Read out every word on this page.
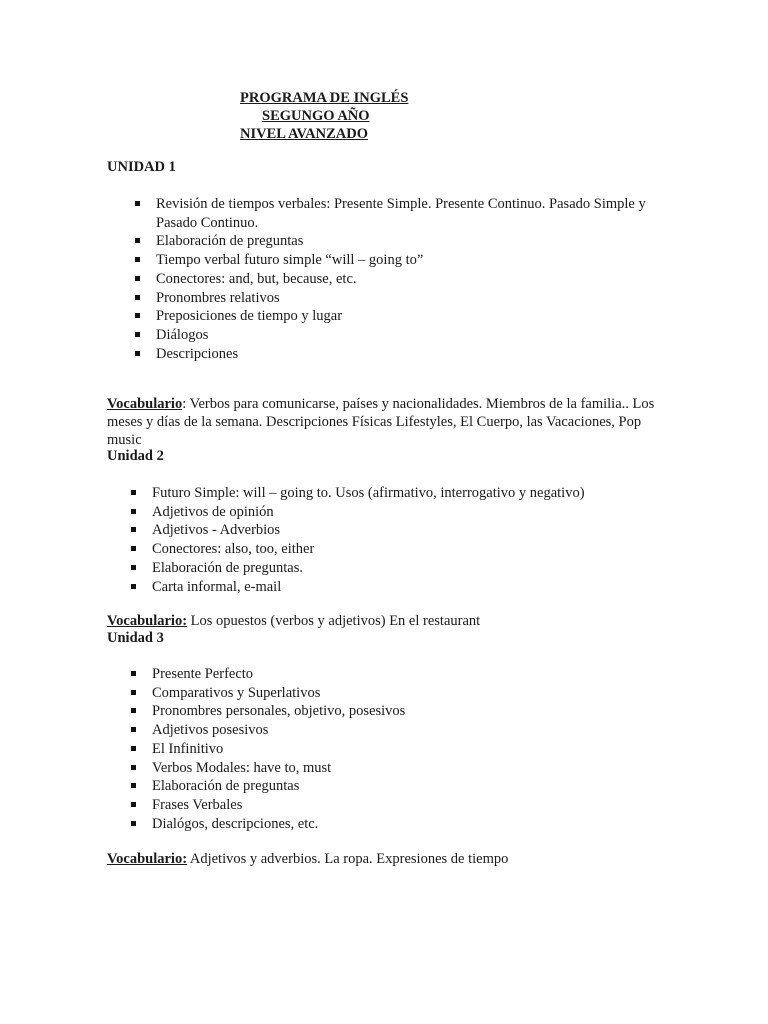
PROGRAMA DE INGLÉS
SEGUNGO AÑO
NIVEL AVANZADO
UNIDAD 1
Revisión de tiempos verbales: Presente Simple. Presente Continuo. Pasado Simple y Pasado Continuo.
Elaboración de preguntas
Tiempo verbal futuro simple “will – going to”
Conectores: and, but, because, etc.
Pronombres relativos
Preposiciones de tiempo y lugar
Diálogos
Descripciones
Vocabulario: Verbos para comunicarse, países y nacionalidades. Miembros de la familia.. Los meses y días de la semana. Descripciones Físicas Lifestyles, El Cuerpo, las Vacaciones, Pop music
Unidad 2
Futuro Simple: will – going to. Usos (afirmativo, interrogativo y negativo)
Adjetivos de opinión
Adjetivos - Adverbios
Conectores: also, too, either
Elaboración de preguntas.
Carta informal, e-mail
Vocabulario: Los opuestos (verbos y adjetivos) En el restaurant
Unidad 3
Presente Perfecto
Comparativos y Superlativos
Pronombres personales, objetivo, posesivos
Adjetivos posesivos
El Infinitivo
Verbos Modales: have to, must
Elaboración de preguntas
Frases Verbales
Dialógos, descripciones, etc.
Vocabulario: Adjetivos y adverbios. La ropa. Expresiones de tiempo
